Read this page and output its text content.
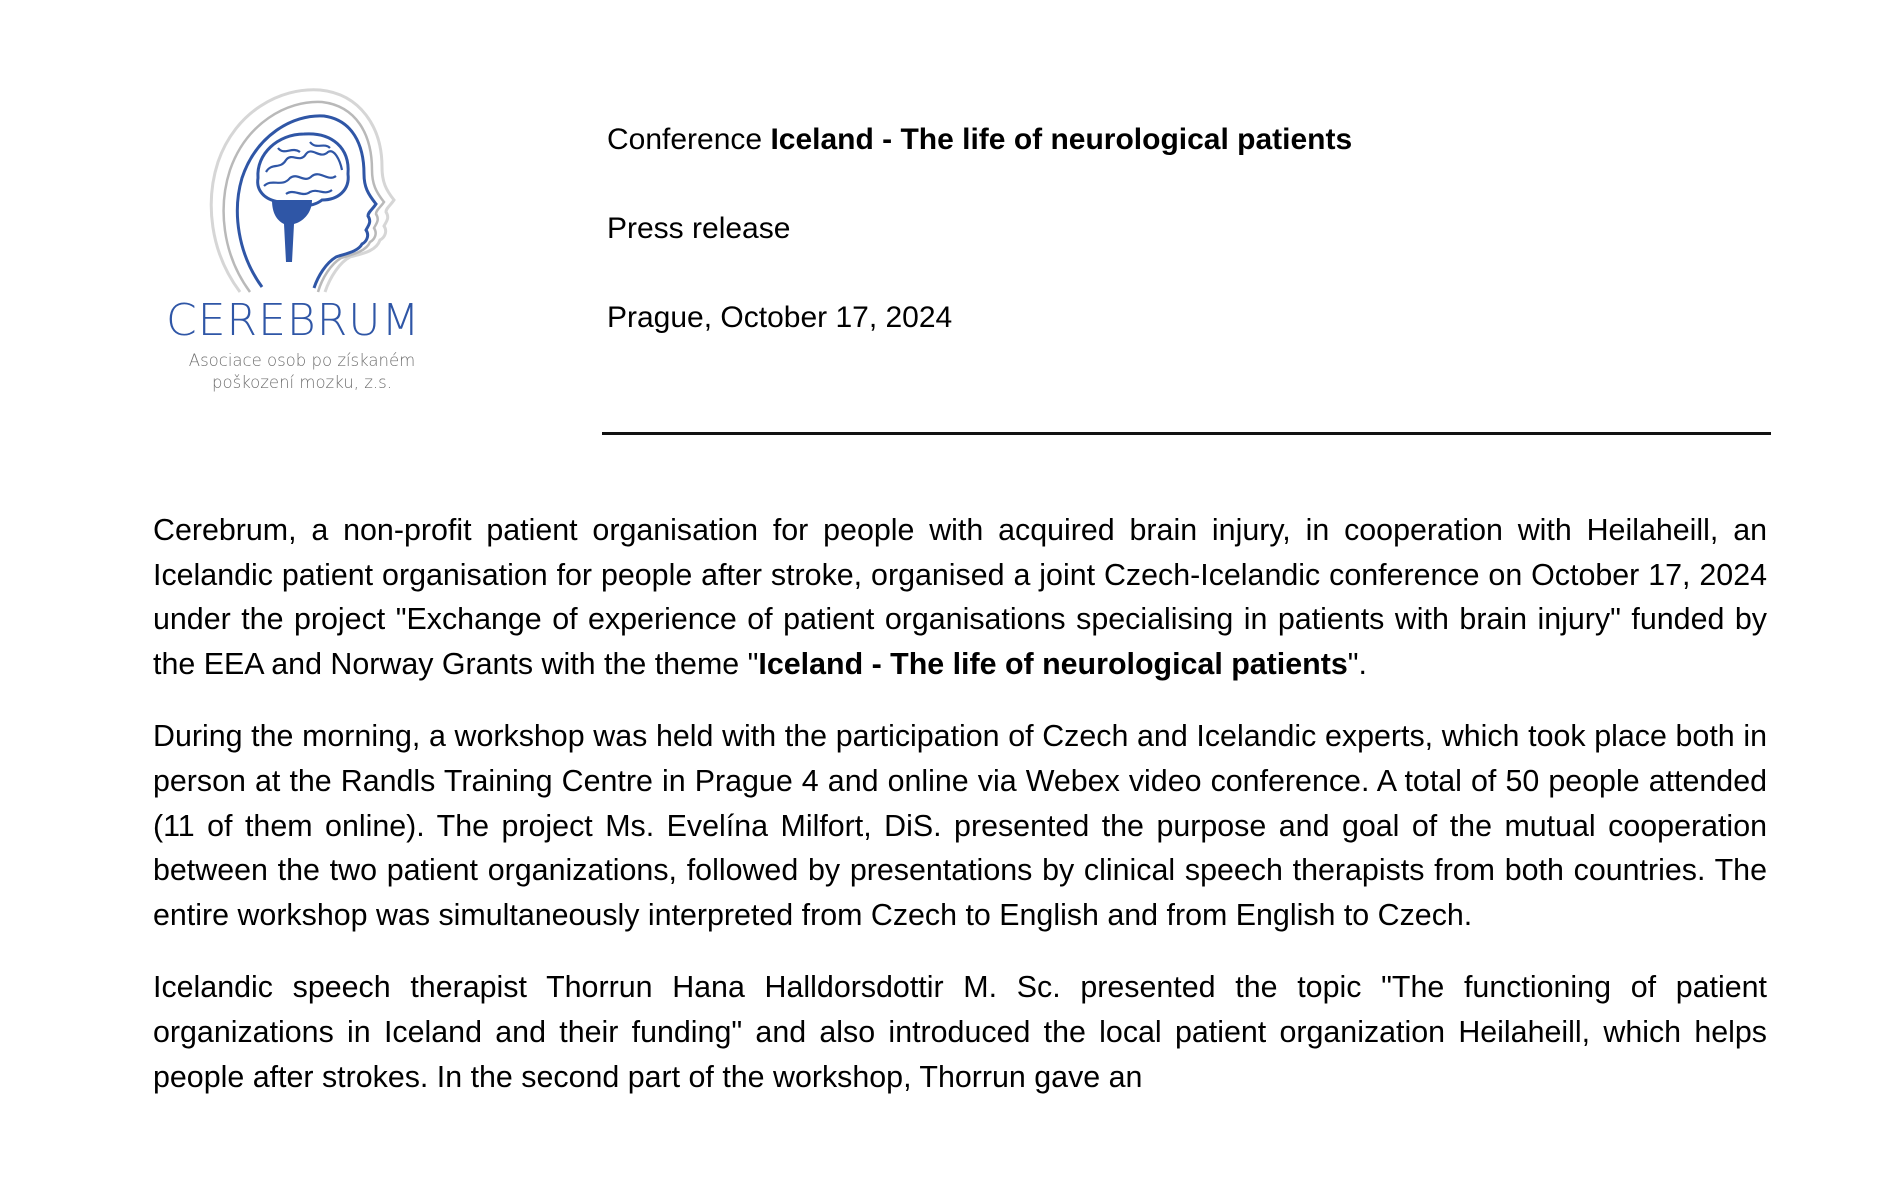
CEREBRUM
Asociace osob po získaném
poškození mozku, z.s.
Conference Iceland - The life of neurological patients
Press release
Prague, October 17, 2024

Cerebrum, a non-profit patient organisation for people with acquired brain injury, in cooperation with Heilaheill, an Icelandic patient organisation for people after stroke, organised a joint Czech-Icelandic conference on October 17, 2024 under the project "Exchange of experience of patient organisations specialising in patients with brain injury" funded by the EEA and Norway Grants with the theme "Iceland - The life of neurological patients".

During the morning, a workshop was held with the participation of Czech and Icelandic experts, which took place both in person at the Randls Training Centre in Prague 4 and online via Webex video conference. A total of 50 people attended (11 of them online). The project Ms. Evelína Milfort, DiS. presented the purpose and goal of the mutual cooperation between the two patient organizations, followed by presentations by clinical speech therapists from both countries. The entire workshop was simultaneously interpreted from Czech to English and from English to Czech.

Icelandic speech therapist Thorrun Hana Halldorsdottir M. Sc. presented the topic "The functioning of patient organizations in Iceland and their funding" and also introduced the local patient organization Heilaheill, which helps people after strokes. In the second part of the workshop, Thorrun gave an
